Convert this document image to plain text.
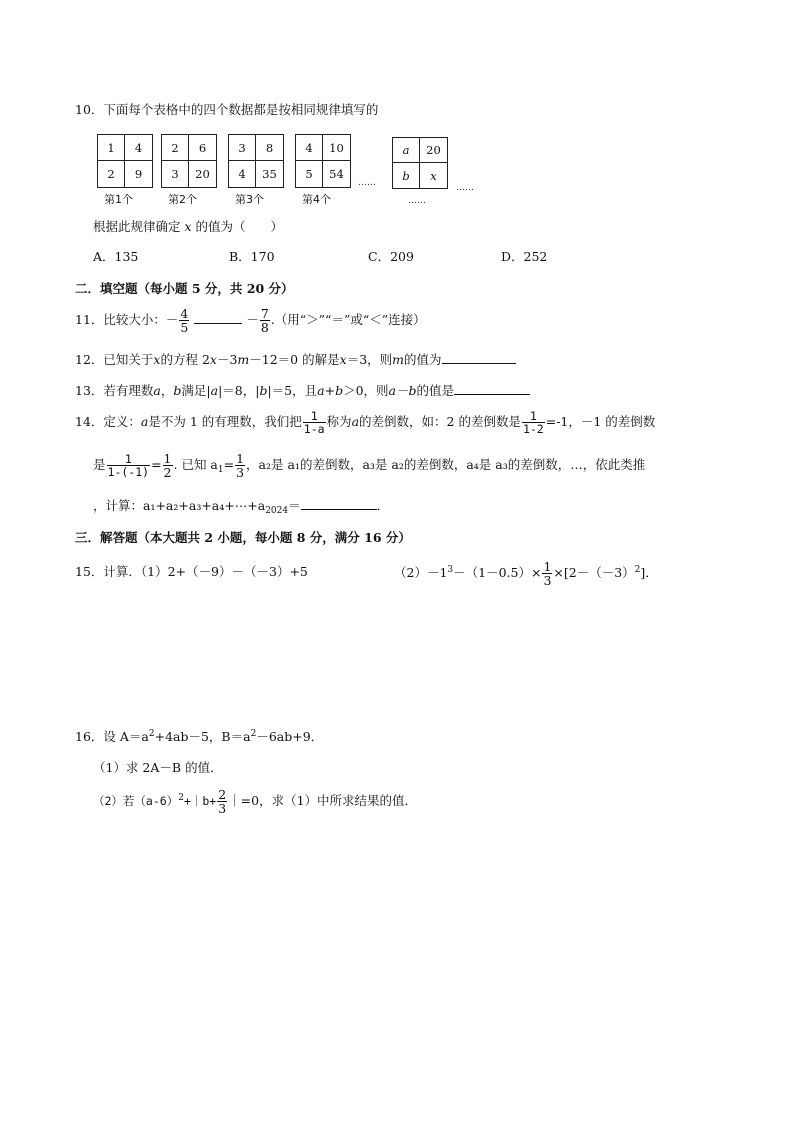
10．下面每个表格中的四个数据都是按相同规律填写的
1	4
2	9
第1个
2	6
3	20
第2个
3	8
4	35
第3个
4	10
5	54
第4个
……
a	20
b	x
……
……
根据此规律确定 x 的值为（　　）
A．135	B．170	C．209	D．252
二．填空题（每小题 5 分，共 20 分）
11．比较大小：－ $\frac{4}{5}$	－ $\frac{7}{8}$ .（用“＞”“＝”或“＜”连接）
12．已知关于x的方程 2x－3m－12＝0 的解是x＝3，则m的值为
13．若有理数a，b满足|a|＝8，|b|＝5，且a+b＞0，则a－b的值是
14．定义：a是不为 1 的有理数，我们把 $\frac{1}{1-a}$ 称为a的差倒数，如：2 的差倒数是 $\frac{1}{1-2} =-1$，－1 的差倒数
是 $\frac{1}{1-(-1)} = \frac{1}{2}$ . 已知 $a_1= \frac{1}{3}$ ，a₂是 a₁的差倒数，a₃是 a₂的差倒数，a₄是 a₃的差倒数，…，依此类推
，计算：$a_1+a_2+a_3+a_4+\cdots+a_{2024}=$	．
三．解答题（本大题共 2 小题，每小题 8 分，满分 16 分）
15．计算．（1）2+（－9）－（－3）+5	$(2)-1^3-(1-0.5)\times \frac{1}{3} \times[2-(-3)^2]$．
16．设 $A=a^2+4ab-5$，$B=a^2-6ab+9$．
（1）求 2A－B 的值．
（2）若$(a-6)^2+|b+ \frac{2}{3}$ ｜=0，求（1）中所求结果的值．
